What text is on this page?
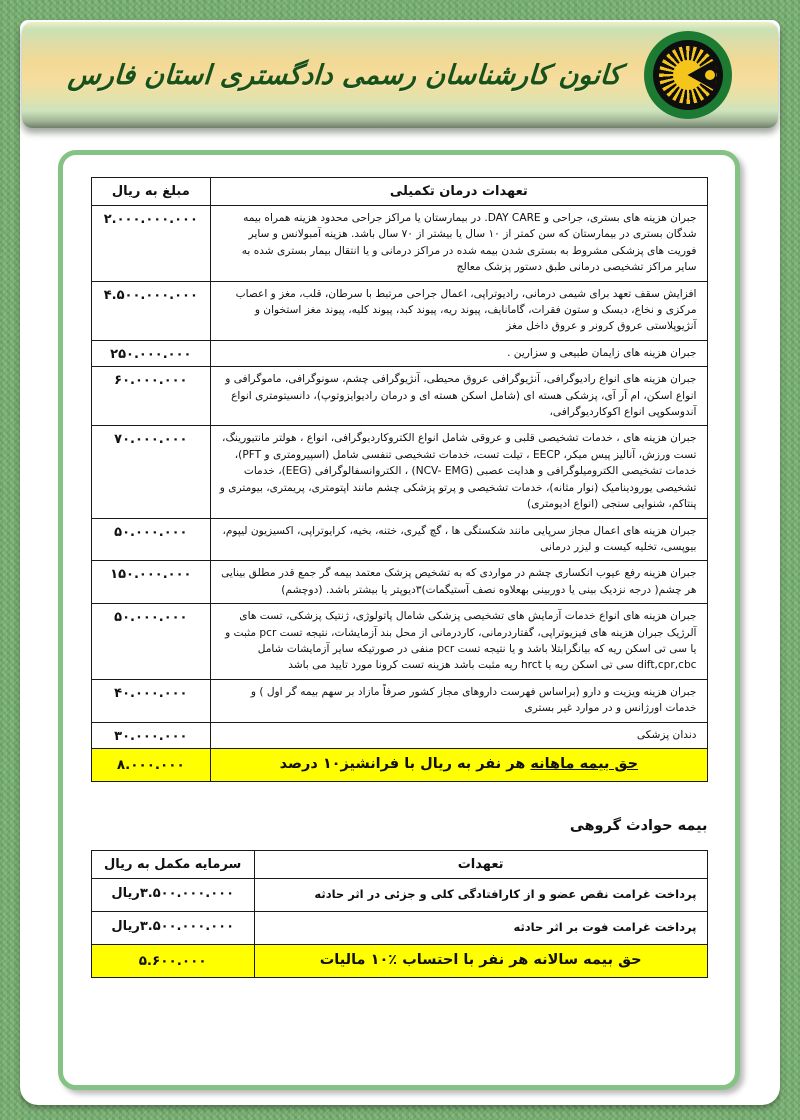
کانون کارشناسان رسمی دادگستری استان فارس
تعهدات درمان تکمیلی	مبلغ به ریال
جبران هزینه های بستری، جراحی و DAY CARE. در بیمارستان یا مراکز جراحی محدود هزینه همراه بیمه شدگان بستری در بیمارستان که سن کمتر از ۱۰ سال یا بیشتر از ۷۰ سال باشد. هزینه آمبولانس و سایر فوریت های پزشکی مشروط به بستری شدن بیمه شده در مراکز درمانی و یا انتقال بیمار بستری شده به سایر مراکز تشخیصی درمانی طبق دستور پزشک معالج	۲.۰۰۰.۰۰۰.۰۰۰
افزایش سقف تعهد برای شیمی درمانی، رادیوتراپی، اعمال جراحی مرتبط با سرطان، قلب، مغز و اعصاب مرکزی و نخاع، دیسک و ستون فقرات، گامانایف، پیوند ریه، پیوند کبد، پیوند کلیه، پیوند مغز استخوان و آنژیوپلاستی عروق کرونر و عروق داخل مغز	۴.۵۰۰.۰۰۰.۰۰۰
جبران هزینه های زایمان طبیعی و سزارین .	۲۵۰.۰۰۰.۰۰۰
جبران هزینه های انواع رادیوگرافی، آنژیوگرافی عروق محیطی، آنژیوگرافی چشم، سونوگرافی، ماموگرافی و انواع اسکن، ام آر آی، پزشکی هسته ای (شامل اسکن هسته ای و درمان رادیوایزوتوپ)، دانسیتومتری انواع آندوسکوپی انواع اکوکاردیوگرافی،	۶۰.۰۰۰.۰۰۰
جبران هزینه های ، خدمات تشخیصی قلبی و عروقی شامل انواع الکتروکاردیوگرافی، انواع ، هولتر مانتیورینگ، تست ورزش، آنالیز پیس میکر، EECP ، تیلت تست، خدمات تشخیصی تنفسی شامل (اسپیرومتری و PFT)، خدمات تشخیصی الکترومیلوگرافی و هدایت عصبی (NCV- EMG) ، الکتروانسفالوگرافی (EEG)، خدمات تشخیصی یورودینامیک (نوار مثانه)، خدمات تشخیصی و پرتو پزشکی چشم مانند اپتومتری، پریمتری، بیومتری و پنتاکم، شنوایی سنجی (انواع ادیومتری)	۷۰.۰۰۰.۰۰۰
جبران هزینه های اعمال مجاز سرپایی مانند شکستگی ها ، گچ گیری، ختنه، بخیه، کرایوتراپی، اکسیزیون لیپوم، بیوپسی، تخلیه کیست و لیزر درمانی	۵۰.۰۰۰.۰۰۰
جبران هزینه رفع عیوب انکساری چشم در مواردی که به تشخیص پزشک معتمد بیمه گر جمع قدر مطلق بینایی هر چشم( درجه نزدیک بینی یا دوربینی بهعلاوه نصف آستیگمات)۳دیوپتر یا بیشتر باشد. (دوچشم)	۱۵۰.۰۰۰.۰۰۰
جبران هزینه های انواع خدمات آزمایش های تشخیصی پزشکی شامال پاتولوژی، ژنتیک پزشکی، تست های آلرژیک جبران هزینه های فیزیوتراپی، گفتاردرمانی، کاردرمانی از محل بند آزمایشات، نتیجه تست pcr مثبت و یا سی تی اسکن ریه که بیانگرابتلا باشد و یا نتیجه تست pcr منفی در صورتیکه سایر آزمایشات شامل dift,cpr,cbc سی تی اسکن ریه یا hrct ریه مثبت باشد هزینه تست کرونا مورد تایید می باشد	۵۰.۰۰۰.۰۰۰
جبران هزینه ویزیت و دارو (براساس فهرست داروهای مجاز کشور صرفاً مازاد بر سهم بیمه گر اول ) و خدمات اورژانس و در موارد غیر بستری	۴۰.۰۰۰.۰۰۰
دندان پزشکی	۳۰.۰۰۰.۰۰۰
حق بیمه ماهانه هر نفر به ریال با فرانشیز۱۰ درصد	۸.۰۰۰.۰۰۰
بیمه حوادث گروهی
تعهدات	سرمایه مکمل به ریال
پرداخت غرامت نقص عضو و از کارافتادگی کلی و جزئی در اثر حادثه	۳.۵۰۰.۰۰۰.۰۰۰ریال
پرداخت غرامت فوت بر اثر حادثه	۳.۵۰۰.۰۰۰.۰۰۰ریال
حق بیمه سالانه هر نفر با احتساب ٪۱۰ مالیات	۵.۶۰۰.۰۰۰
